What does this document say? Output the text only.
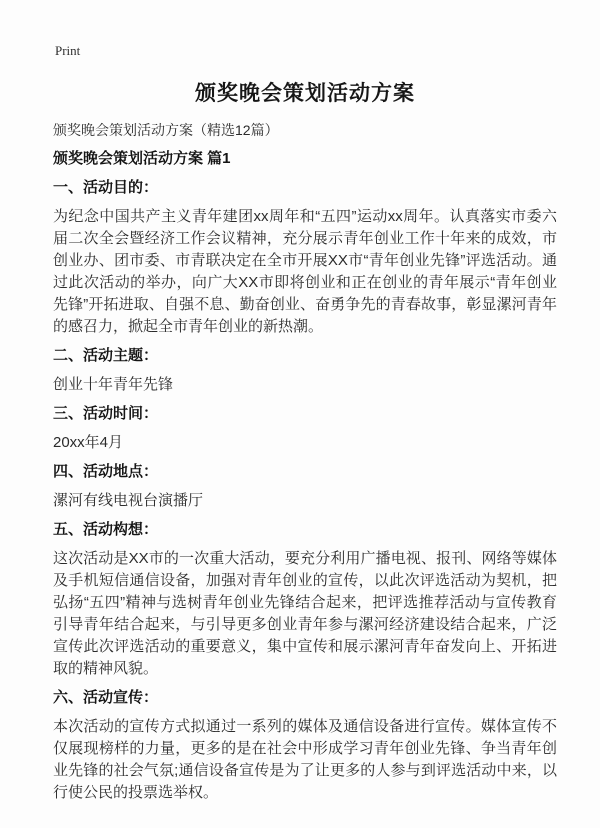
Print
颁奖晚会策划活动方案

颁奖晚会策划活动方案（精选12篇）

颁奖晚会策划活动方案 篇1
一、活动目的：

为纪念中国共产主义青年建团xx周年和“五四”运动xx周年。认真落实市委六届二次全会暨经济工作会议精神，充分展示青年创业工作十年来的成效，市创业办、团市委、市青联决定在全市开展XX市“青年创业先锋”评选活动。通过此次活动的举办，向广大XX市即将创业和正在创业的青年展示“青年创业先锋”开拓进取、自强不息、勤奋创业、奋勇争先的青春故事，彰显漯河青年的感召力，掀起全市青年创业的新热潮。

二、活动主题：

创业十年青年先锋

三、活动时间：

20xx年4月

四、活动地点：

漯河有线电视台演播厅

五、活动构想：

这次活动是XX市的一次重大活动，要充分利用广播电视、报刊、网络等媒体及手机短信通信设备，加强对青年创业的宣传，以此次评选活动为契机，把弘扬“五四”精神与选树青年创业先锋结合起来，把评选推荐活动与宣传教育引导青年结合起来，与引导更多创业青年参与漯河经济建设结合起来，广泛宣传此次评选活动的重要意义，集中宣传和展示漯河青年奋发向上、开拓进取的精神风貌。

六、活动宣传：

本次活动的宣传方式拟通过一系列的媒体及通信设备进行宣传。媒体宣传不仅展现榜样的力量，更多的是在社会中形成学习青年创业先锋、争当青年创业先锋的社会气氛;通信设备宣传是为了让更多的人参与到评选活动中来，以行使公民的投票选举权。
